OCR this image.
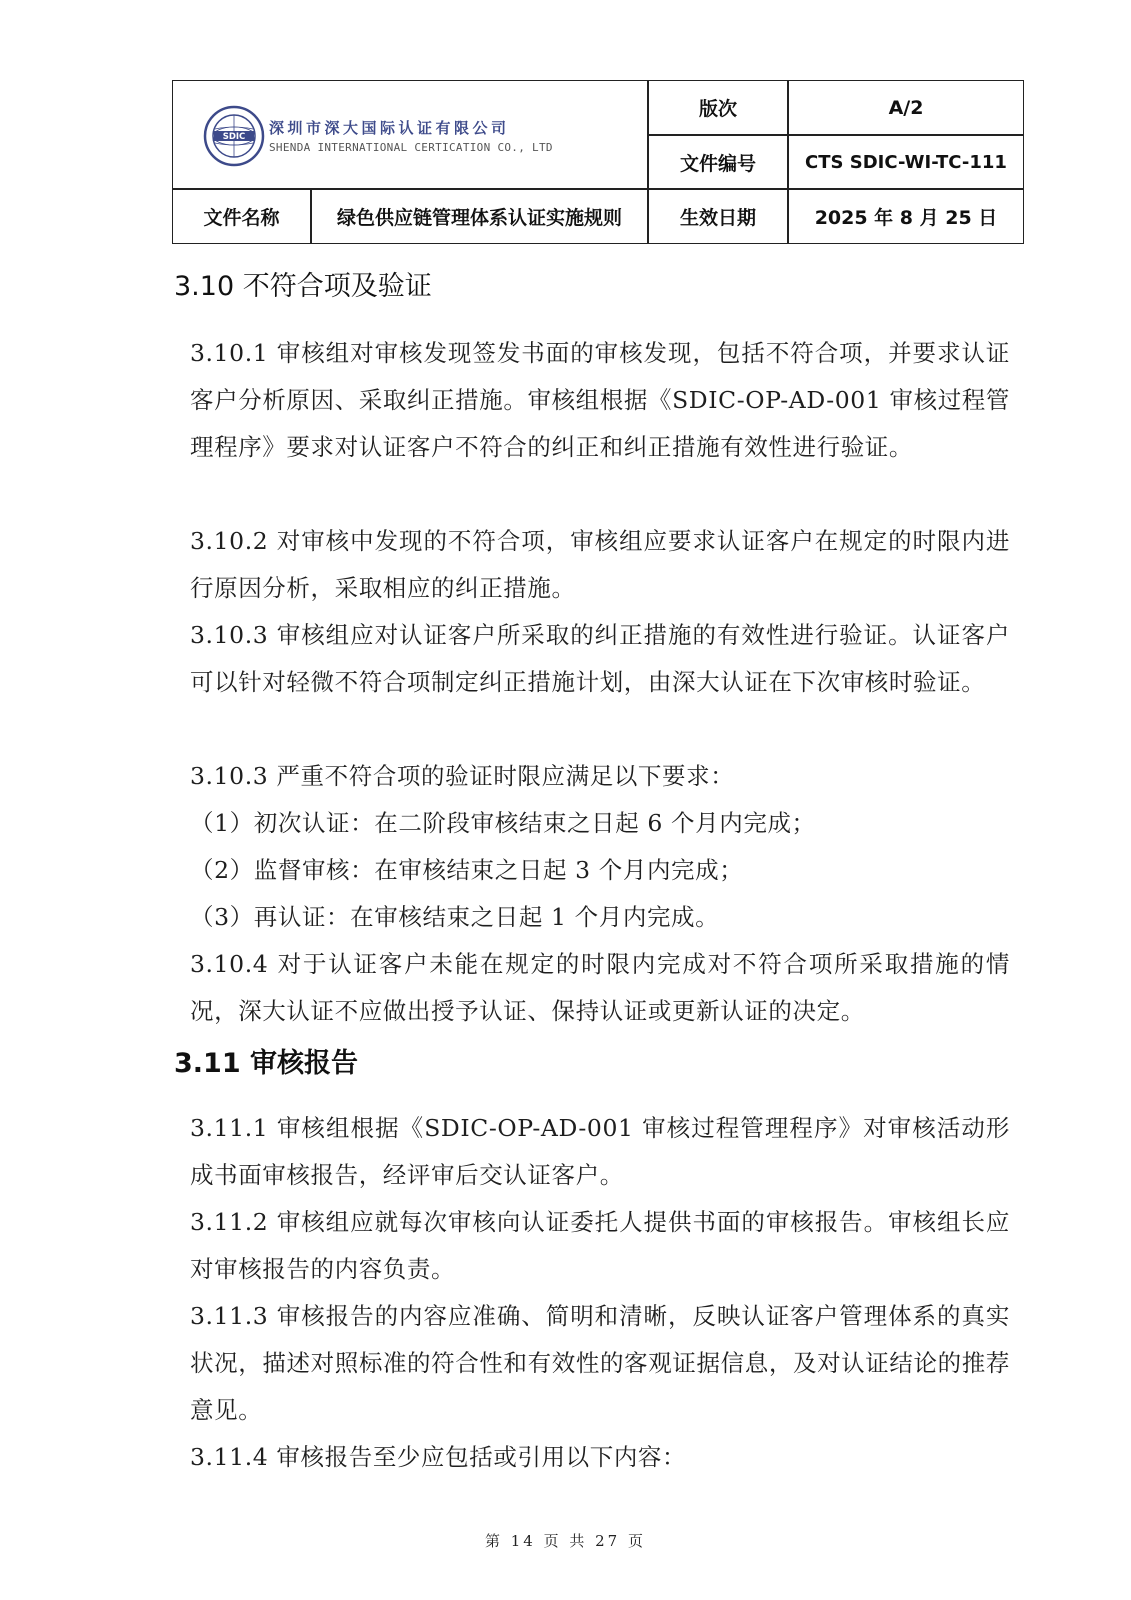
SDIC 深圳市深大国际认证有限公司
SHENDA INTERNATIONAL CERTICATION CO., LTD
版次	A/2
文件编号	CTS SDIC-WI-TC-111
文件名称	绿色供应链管理体系认证实施规则	生效日期	2025 年 8 月 25 日
3.10 不符合项及验证
3.10.1 审核组对审核发现签发书面的审核发现，包括不符合项，并要求认证客户分析原因、采取纠正措施。审核组根据《SDIC-OP-AD-001 审核过程管理程序》要求对认证客户不符合的纠正和纠正措施有效性进行验证。
3.10.2 对审核中发现的不符合项，审核组应要求认证客户在规定的时限内进行原因分析，采取相应的纠正措施。
3.10.3 审核组应对认证客户所采取的纠正措施的有效性进行验证。认证客户可以针对轻微不符合项制定纠正措施计划，由深大认证在下次审核时验证。
3.10.3 严重不符合项的验证时限应满足以下要求：
（1）初次认证：在二阶段审核结束之日起 6 个月内完成；
（2）监督审核：在审核结束之日起 3 个月内完成；
（3）再认证：在审核结束之日起 1 个月内完成。
3.10.4 对于认证客户未能在规定的时限内完成对不符合项所采取措施的情况，深大认证不应做出授予认证、保持认证或更新认证的决定。
3.11 审核报告
3.11.1 审核组根据《SDIC-OP-AD-001 审核过程管理程序》对审核活动形成书面审核报告，经评审后交认证客户。
3.11.2 审核组应就每次审核向认证委托人提供书面的审核报告。审核组长应对审核报告的内容负责。
3.11.3 审核报告的内容应准确、简明和清晰，反映认证客户管理体系的真实状况，描述对照标准的符合性和有效性的客观证据信息，及对认证结论的推荐意见。
3.11.4 审核报告至少应包括或引用以下内容：
第 14 页 共 27 页
